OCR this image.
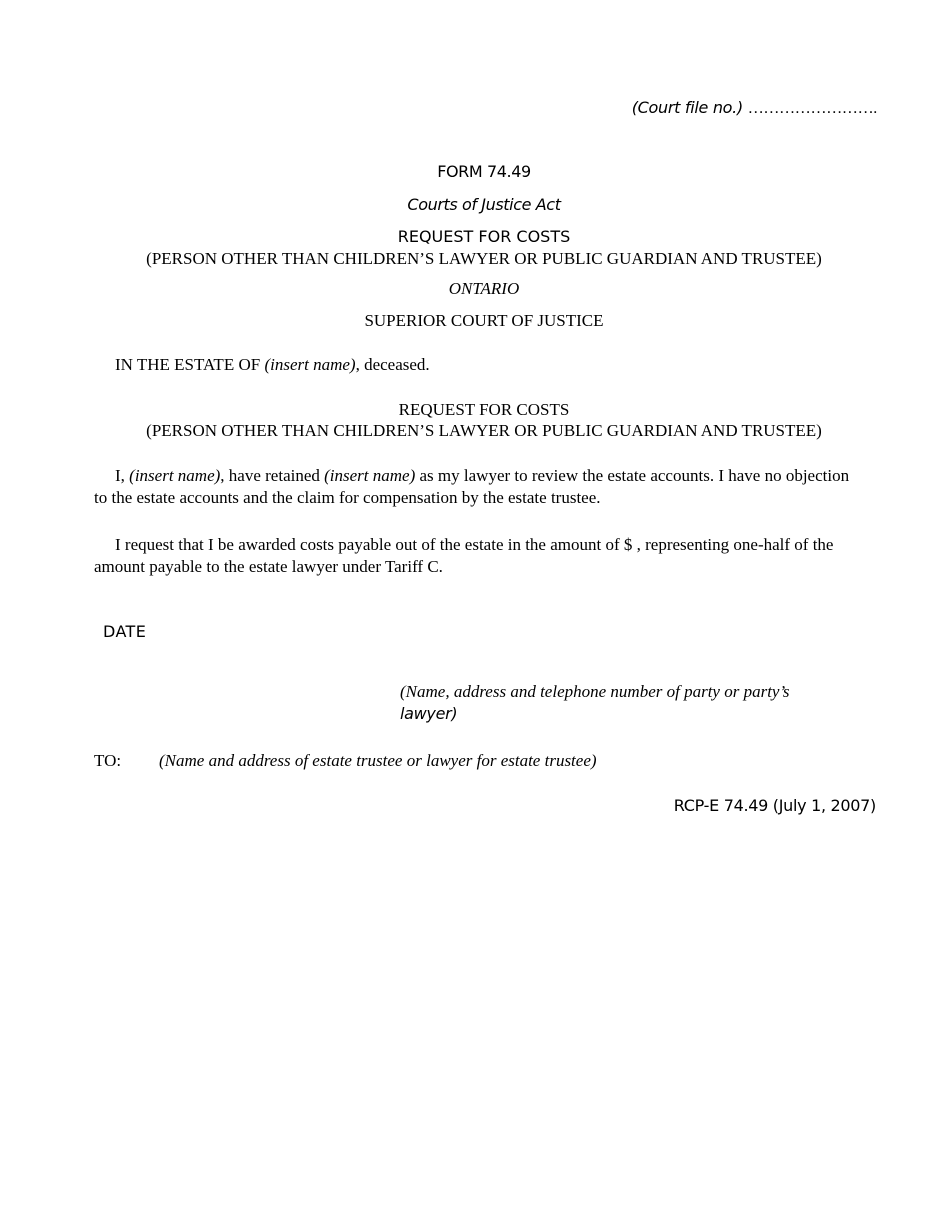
(Court file no.) …………………….
FORM 74.49
Courts of Justice Act
REQUEST FOR COSTS
(PERSON OTHER THAN CHILDREN’S LAWYER OR PUBLIC GUARDIAN AND TRUSTEE)
ONTARIO
SUPERIOR COURT OF JUSTICE
IN THE ESTATE OF (insert name), deceased.
REQUEST FOR COSTS
(PERSON OTHER THAN CHILDREN’S LAWYER OR PUBLIC GUARDIAN AND TRUSTEE)
I, (insert name), have retained (insert name) as my lawyer to review the estate accounts. I have no objection to the estate accounts and the claim for compensation by the estate trustee.
I request that I be awarded costs payable out of the estate in the amount of $ , representing one-half of the amount payable to the estate lawyer under Tariff C.
DATE
(Name, address and telephone number of party or party’s
lawyer)
TO: (Name and address of estate trustee or lawyer for estate trustee)
RCP-E 74.49 (July 1, 2007)
